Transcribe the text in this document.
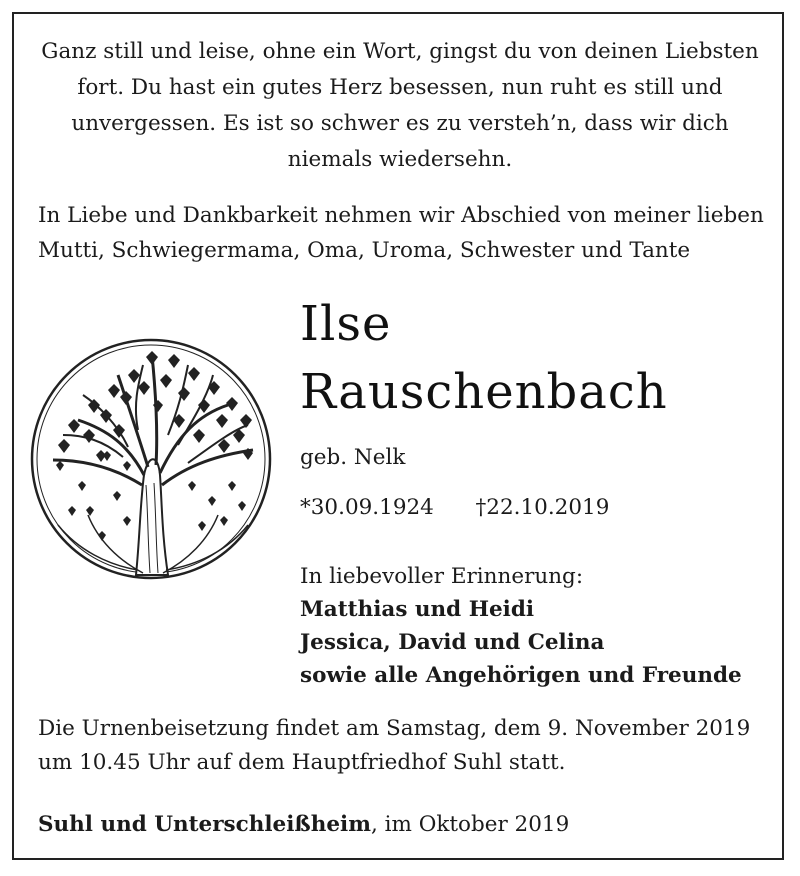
Ganz still und leise, ohne ein Wort, gingst du von deinen Liebsten
fort. Du hast ein gutes Herz besessen, nun ruht es still und
unvergessen. Es ist so schwer es zu versteh’n, dass wir dich
niemals wiedersehn.
In Liebe und Dankbarkeit nehmen wir Abschied von meiner lieben
Mutti, Schwiegermama, Oma, Uroma, Schwester und Tante
Ilse
Rauschenbach
geb. Nelk
*30.09.1924 †22.10.2019
In liebevoller Erinnerung:
Matthias und Heidi
Jessica, David und Celina
sowie alle Angehörigen und Freunde
Die Urnenbeisetzung findet am Samstag, dem 9. November 2019
um 10.45 Uhr auf dem Hauptfriedhof Suhl statt.
Suhl und Unterschleißheim, im Oktober 2019
